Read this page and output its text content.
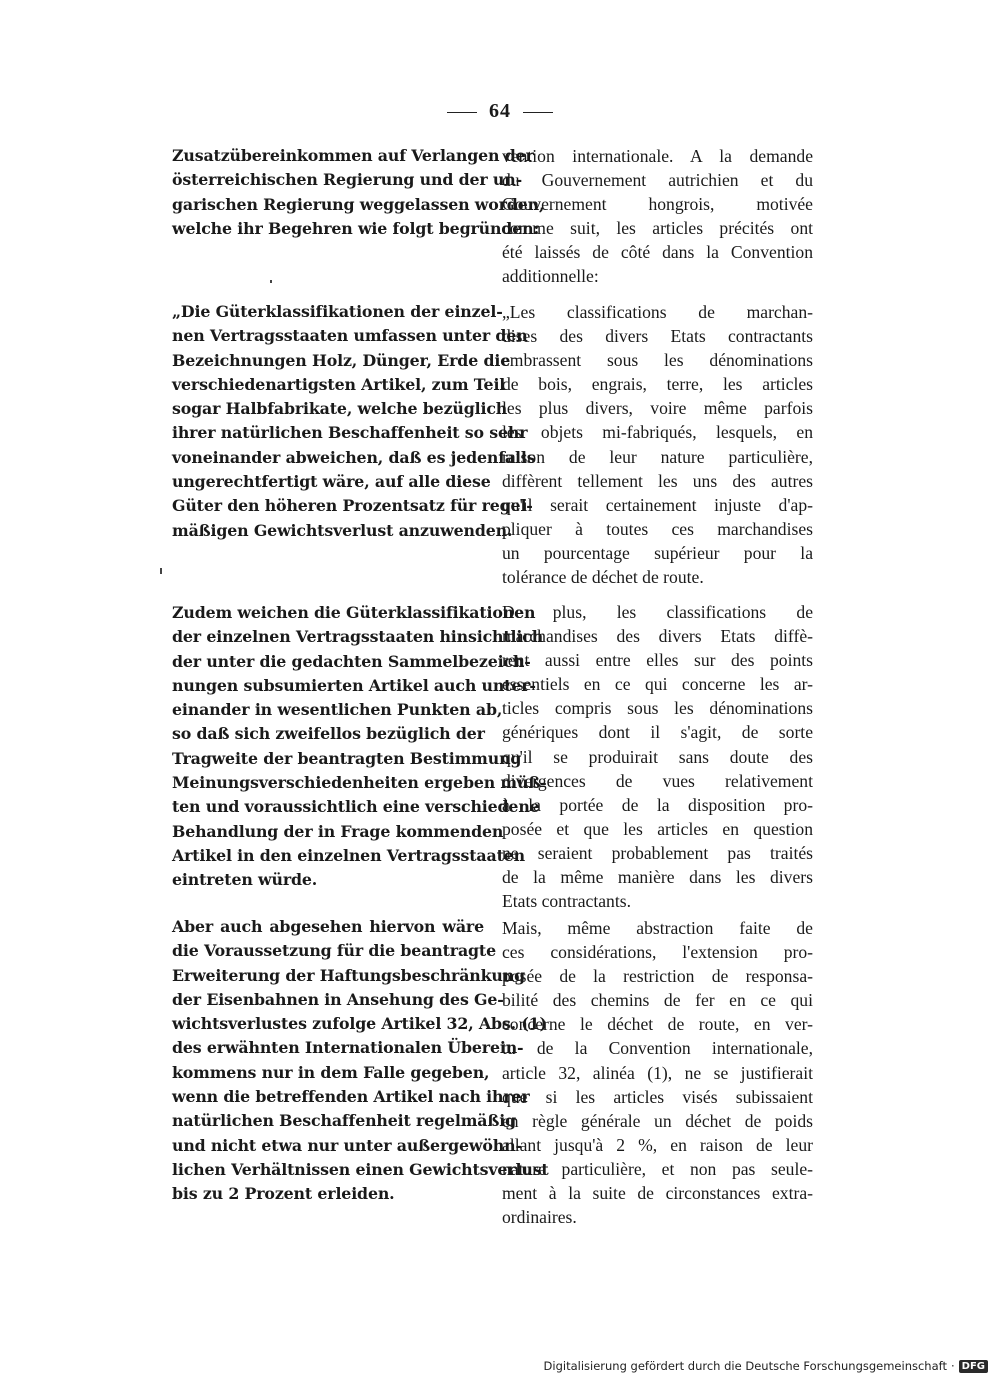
64

Zusatzübereinkommen auf Verlangen der
österreichischen Regierung und der un-
garischen Regierung weggelassen worden,
welche ihr Begehren wie folgt begründen:

„Die Güterklassifikationen der einzel-
nen Vertragsstaaten umfassen unter den
Bezeichnungen Holz, Dünger, Erde die
verschiedenartigsten Artikel, zum Teil
sogar Halbfabrikate, welche bezüglich
ihrer natürlichen Beschaffenheit so sehr
voneinander abweichen, daß es jedenfalls
ungerechtfertigt wäre, auf alle diese
Güter den höheren Prozentsatz für regel-
mäßigen Gewichtsverlust anzuwenden.

Zudem weichen die Güterklassifikationen
der einzelnen Vertragsstaaten hinsichtlich
der unter die gedachten Sammelbezeich-
nungen subsumierten Artikel auch unter-
einander in wesentlichen Punkten ab,
so daß sich zweifellos bezüglich der
Tragweite der beantragten Bestimmung
Meinungsverschiedenheiten ergeben müß-
ten und voraussichtlich eine verschiedene
Behandlung der in Frage kommenden
Artikel in den einzelnen Vertragsstaaten
eintreten würde.

Aber auch abgesehen hiervon wäre
die Voraussetzung für die beantragte
Erweiterung der Haftungsbeschränkung
der Eisenbahnen in Ansehung des Ge-
wichtsverlustes zufolge Artikel 32, Abs. (1)
des erwähnten Internationalen Überein-
kommens nur in dem Falle gegeben,
wenn die betreffenden Artikel nach ihrer
natürlichen Beschaffenheit regelmäßig
und nicht etwa nur unter außergewöhn-
lichen Verhältnissen einen Gewichtsverlust
bis zu 2 Prozent erleiden.

vention internationale. A la demande
du Gouvernement autrichien et du
Gouvernement hongrois, motivée
comme suit, les articles précités ont
été laissés de côté dans la Convention
additionnelle:

„Les classifications de marchan-
dises des divers Etats contractants
embrassent sous les dénominations
de bois, engrais, terre, les articles
les plus divers, voire même parfois
les objets mi-fabriqués, lesquels, en
raison de leur nature particulière,
diffèrent tellement les uns des autres
qu'il serait certainement injuste d'ap-
pliquer à toutes ces marchandises
un pourcentage supérieur pour la
tolérance de déchet de route.

De plus, les classifications de
marchandises des divers Etats diffè-
rent aussi entre elles sur des points
essentiels en ce qui concerne les ar-
ticles compris sous les dénominations
génériques dont il s'agit, de sorte
qu'il se produirait sans doute des
divergences de vues relativement
à la portée de la disposition pro-
posée et que les articles en question
ne seraient probablement pas traités
de la même manière dans les divers
Etats contractants.

Mais, même abstraction faite de
ces considérations, l'extension pro-
posée de la restriction de responsa-
bilité des chemins de fer en ce qui
concerne le déchet de route, en ver-
tu de la Convention internationale,
article 32, alinéa (1), ne se justifierait
que si les articles visés subissaient
en règle générale un déchet de poids
allant jusqu'à 2 %, en raison de leur
nature particulière, et non pas seule-
ment à la suite de circonstances extra-
ordinaires.

Digitalisierung gefördert durch die Deutsche Forschungsgemeinschaft · DFG
